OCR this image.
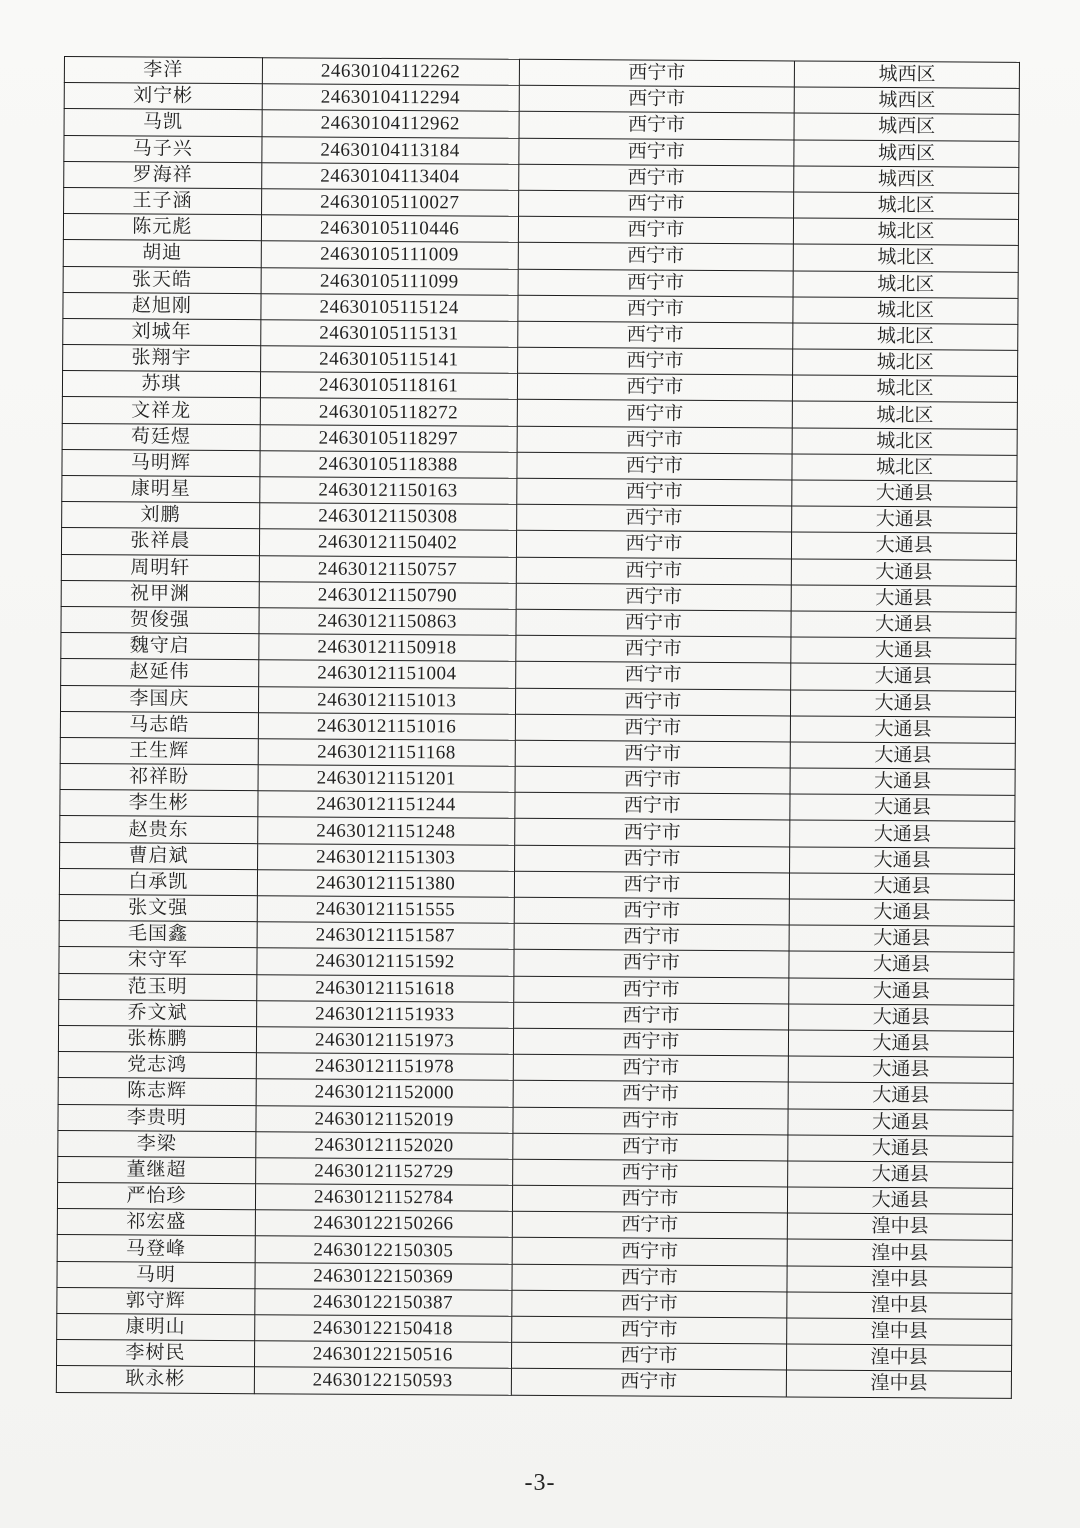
李洋	24630104112262	西宁市	城西区
刘宁彬	24630104112294	西宁市	城西区
马凯	24630104112962	西宁市	城西区
马子兴	24630104113184	西宁市	城西区
罗海祥	24630104113404	西宁市	城西区
王子涵	24630105110027	西宁市	城北区
陈元彪	24630105110446	西宁市	城北区
胡迪	24630105111009	西宁市	城北区
张天皓	24630105111099	西宁市	城北区
赵旭刚	24630105115124	西宁市	城北区
刘城年	24630105115131	西宁市	城北区
张翔宇	24630105115141	西宁市	城北区
苏琪	24630105118161	西宁市	城北区
文祥龙	24630105118272	西宁市	城北区
苟廷煜	24630105118297	西宁市	城北区
马明辉	24630105118388	西宁市	城北区
康明星	24630121150163	西宁市	大通县
刘鹏	24630121150308	西宁市	大通县
张祥晨	24630121150402	西宁市	大通县
周明轩	24630121150757	西宁市	大通县
祝甲渊	24630121150790	西宁市	大通县
贺俊强	24630121150863	西宁市	大通县
魏守启	24630121150918	西宁市	大通县
赵延伟	24630121151004	西宁市	大通县
李国庆	24630121151013	西宁市	大通县
马志皓	24630121151016	西宁市	大通县
王生辉	24630121151168	西宁市	大通县
祁祥盼	24630121151201	西宁市	大通县
李生彬	24630121151244	西宁市	大通县
赵贵东	24630121151248	西宁市	大通县
曹启斌	24630121151303	西宁市	大通县
白承凯	24630121151380	西宁市	大通县
张文强	24630121151555	西宁市	大通县
毛国鑫	24630121151587	西宁市	大通县
宋守军	24630121151592	西宁市	大通县
范玉明	24630121151618	西宁市	大通县
乔文斌	24630121151933	西宁市	大通县
张栋鹏	24630121151973	西宁市	大通县
党志鸿	24630121151978	西宁市	大通县
陈志辉	24630121152000	西宁市	大通县
李贵明	24630121152019	西宁市	大通县
李梁	24630121152020	西宁市	大通县
董继超	24630121152729	西宁市	大通县
严怡珍	24630121152784	西宁市	大通县
祁宏盛	24630122150266	西宁市	湟中县
马登峰	24630122150305	西宁市	湟中县
马明	24630122150369	西宁市	湟中县
郭守辉	24630122150387	西宁市	湟中县
康明山	24630122150418	西宁市	湟中县
李树民	24630122150516	西宁市	湟中县
耿永彬	24630122150593	西宁市	湟中县
-3-
